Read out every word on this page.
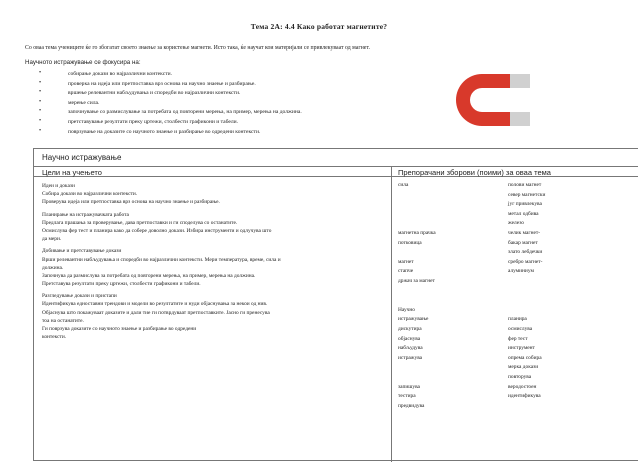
Тема 2А: 4.4 Како работат магнетите?
Со оваа тема учениците ќе го збогатат своето знаење за користење магнети. Исто така, ќе научат кои материјали се привлекуваат од магнет.
Научното истражување се фокусира на:
• собирање докази во најразлични контексти.
• проверка на идеја или претпоставка врз основа на научно знаење и разбирање.
• вршење релевантни набљудувања и споредби во најразлични контексти.
• мерење сила.
• започнување со размислување за потребата од повторени мерења, на пример, мерења на должина.
• претставување резултати преку цртежи, столбести графикони и табели.
• поврзување на доказите со научното знаење и разбирање во одредени контексти.
Научно истражување
Цели на учењето	Препорачани зборови (поими) за оваа тема
Идеи и докази
Собира докази во најразлични контексти.
Проверува идеја или претпоставка врз основа на научно знаење и разбирање.
Планирање на истражувачката работа
Предлага прашања за проверување, дава претпоставки и ги споделува со останатите.
Осмислува фер тест и планира како да собере доволно докази. Избира инструменти и одлучува што
да мери.
Добивање и претставување докази
Врши релевантни набљудувања и споредби во најразлични контексти. Мери температура, време, сила и
должина.
Започнува да размислува за потребата од повторени мерења, на пример, мерења на должина.
Претставува резултати преку цртежи, столбести графикони и табели.
Разгледување докази и пристапи
Идентификува едноставни трендови и модели во резултатите и нуди објаснувања за некои од нив.
Објаснува што покажуваат доказите и дали тие ги потврдуваат претпоставките. Јасно ги пренесува
тоа на останатите.
Ги поврзува доказите со научното знаење и разбирање во одредени
контексти.
сила
магнетна прачка
потковица
магнет
стапче
држач за магнет
Научно
истражување
дискутира
објаснува
набљудува
истражува
запишува
тестира
предвидува
полови магнет
север магнетски
југ привлекува
метал одбива
железо
челик магнет-
бакар магнет
злато лебдечки
сребро магнет-
алуминиум
планира
осмислува
фер тест
инструмент
опрема собира
мерка докази
повторува
веродостоен
идентификува
